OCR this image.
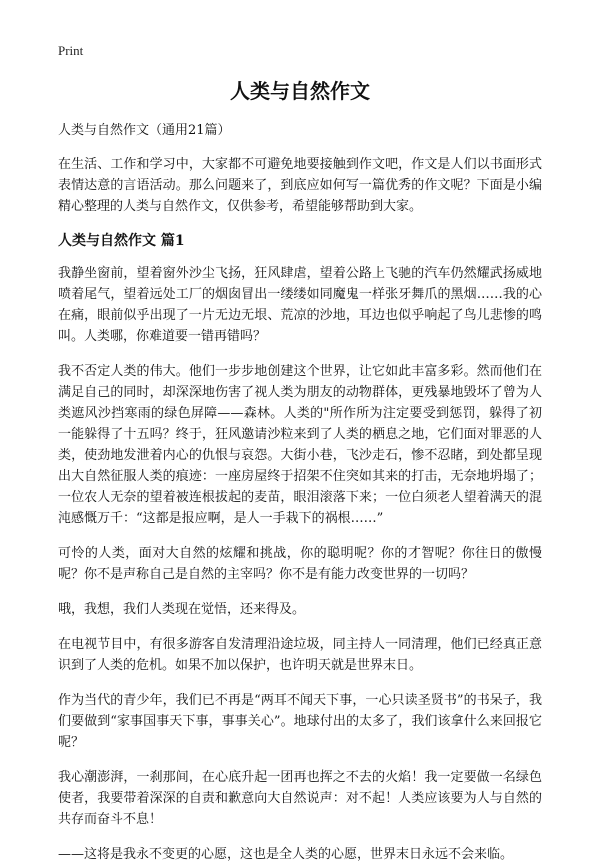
Print
人类与自然作文
人类与自然作文（通用21篇）

在生活、工作和学习中，大家都不可避免地要接触到作文吧，作文是人们以书面形式表情达意的言语活动。那么问题来了，到底应如何写一篇优秀的作文呢？下面是小编精心整理的人类与自然作文，仅供参考，希望能够帮助到大家。

人类与自然作文 篇1

我静坐窗前，望着窗外沙尘飞扬，狂风肆虐，望着公路上飞驰的汽车仍然耀武扬威地喷着尾气，望着远处工厂的烟囱冒出一缕缕如同魔鬼一样张牙舞爪的黑烟……我的心在痛，眼前似乎出现了一片无边无垠、荒凉的沙地，耳边也似乎响起了鸟儿悲惨的鸣叫。人类哪，你难道要一错再错吗？

我不否定人类的伟大。他们一步步地创建这个世界，让它如此丰富多彩。然而他们在满足自己的同时，却深深地伤害了视人类为朋友的动物群体，更残暴地毁坏了曾为人类遮风沙挡寒雨的绿色屏障——森林。人类的"所作所为注定要受到惩罚，躲得了初一能躲得了十五吗？终于，狂风邀请沙粒来到了人类的栖息之地，它们面对罪恶的人类，使劲地发泄着内心的仇恨与哀怨。大街小巷，飞沙走石，惨不忍睹，到处都呈现出大自然征服人类的痕迹：一座房屋终于招架不住突如其来的打击，无奈地坍塌了；一位农人无奈的望着被连根拔起的麦苗，眼泪滚落下来；一位白须老人望着满天的混沌感慨万千：“这都是报应啊，是人一手栽下的祸根……”

可怜的人类，面对大自然的炫耀和挑战，你的聪明呢？你的才智呢？你往日的傲慢呢？你不是声称自己是自然的主宰吗？你不是有能力改变世界的一切吗？

哦，我想，我们人类现在觉悟，还来得及。

在电视节目中，有很多游客自发清理沿途垃圾，同主持人一同清理，他们已经真正意识到了人类的危机。如果不加以保护，也许明天就是世界末日。

作为当代的青少年，我们已不再是“两耳不闻天下事，一心只读圣贤书”的书呆子，我们要做到“家事国事天下事，事事关心”。地球付出的太多了，我们该拿什么来回报它呢？

我心潮澎湃，一刹那间，在心底升起一团再也挥之不去的火焰！我一定要做一名绿色使者，我要带着深深的自责和歉意向大自然说声：对不起！人类应该要为人与自然的共存而奋斗不息！

——这将是我永不变更的心愿，这也是全人类的心愿，世界末日永远不会来临。
